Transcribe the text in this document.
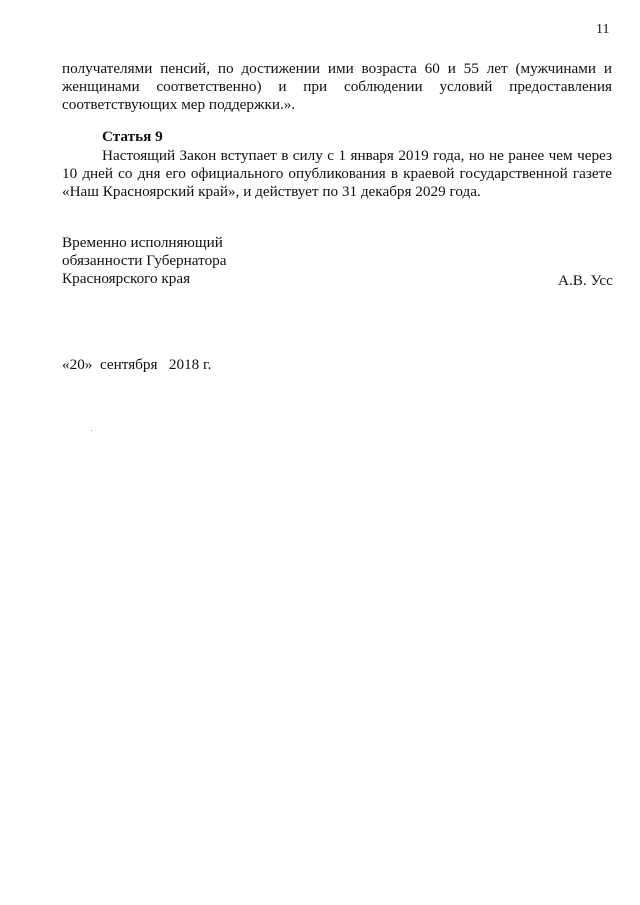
11
получателями пенсий, по достижении ими возраста 60 и 55 лет (мужчинами и
женщинами соответственно) и при соблюдении условий предоставления
соответствующих мер поддержки.».
Статья 9
Настоящий Закон вступает в силу с 1 января 2019 года, но не ранее чем через
10 дней со дня его официального опубликования в краевой государственной газете
«Наш Красноярский край», и действует по 31 декабря 2029 года.
Временно исполняющий
обязанности Губернатора
Красноярского края	А.В. Усс
«20»  сентября   2018 г.
